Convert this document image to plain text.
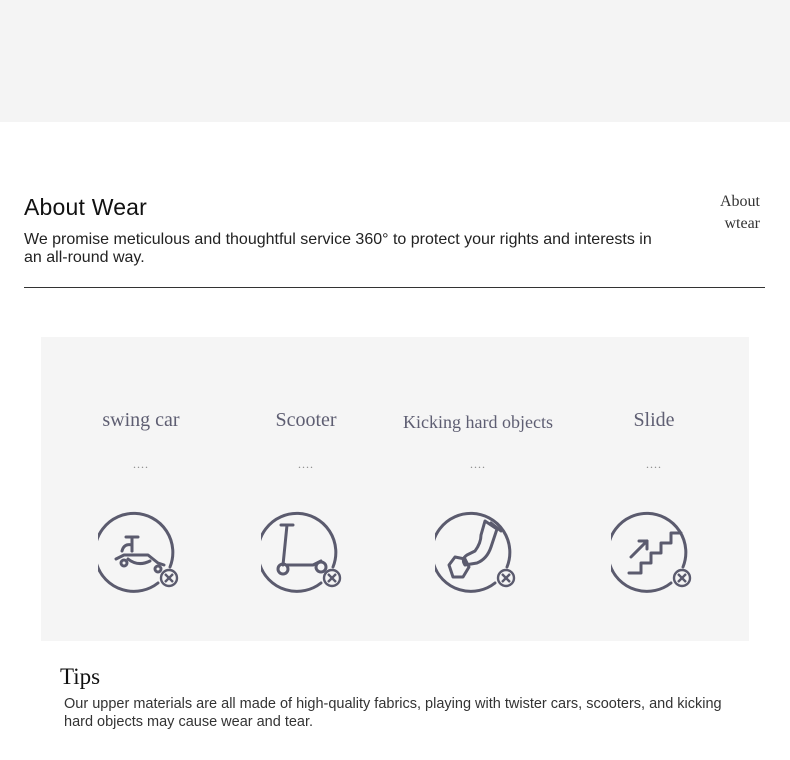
About Wear
We promise meticulous and thoughtful service 360° to protect your rights and interests in an all-round way.
About
wtear
swing car
....
Scooter
....
Kicking hard objects
....
Slide
....
Tips
Our upper materials are all made of high-quality fabrics, playing with twister cars, scooters, and kicking hard objects may cause wear and tear.
